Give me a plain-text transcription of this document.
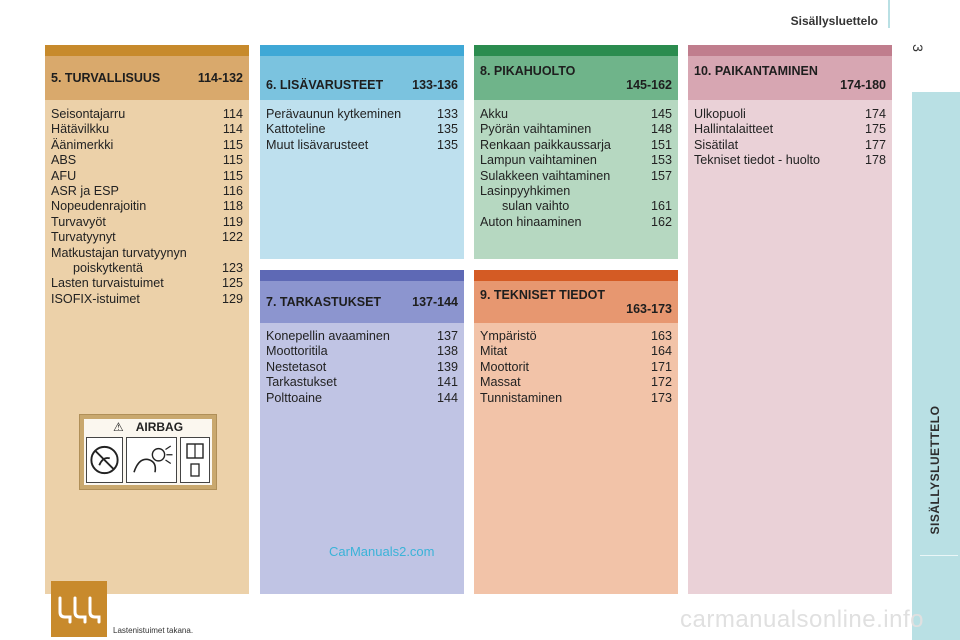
Sisällysluettelo
3
SISÄLLYSLUETTELO
5. TURVALLISUUS	114-132
Seisontajarru	114
Hätävilkku	114
Äänimerkki	115
ABS	115
AFU	115
ASR ja ESP	116
Nopeudenrajoitin	118
Turvavyöt	119
Turvatyynyt	122
Matkustajan turvatyynyn
poiskytkentä	123
Lasten turvaistuimet	125
ISOFIX-istuimet	129
⚠ AIRBAG
Lastenistuimet takana.
6. LISÄVARUSTEET 133-136
Perävaunun kytkeminen	133
Kattoteline	135
Muut lisävarusteet	135
8. PIKAHUOLTO
145-162
Akku	145
Pyörän vaihtaminen	148
Renkaan paikkaussarja	151
Lampun vaihtaminen	153
Sulakkeen vaihtaminen	157
Lasinpyyhkimen
sulan vaihto	161
Auton hinaaminen	162
10. PAIKANTAMINEN
174-180
Ulkopuoli	174
Hallintalaitteet	175
Sisätilat	177
Tekniset tiedot - huolto	178
7. TARKASTUKSET 137-144
Konepellin avaaminen	137
Moottoritila	138
Nestetasot	139
Tarkastukset	141
Polttoaine	144
9. TEKNISET TIEDOT
163-173
Ympäristö	163
Mitat	164
Moottorit	171
Massat	172
Tunnistaminen	173
CarManuals2.com
carmanualsonline.info
